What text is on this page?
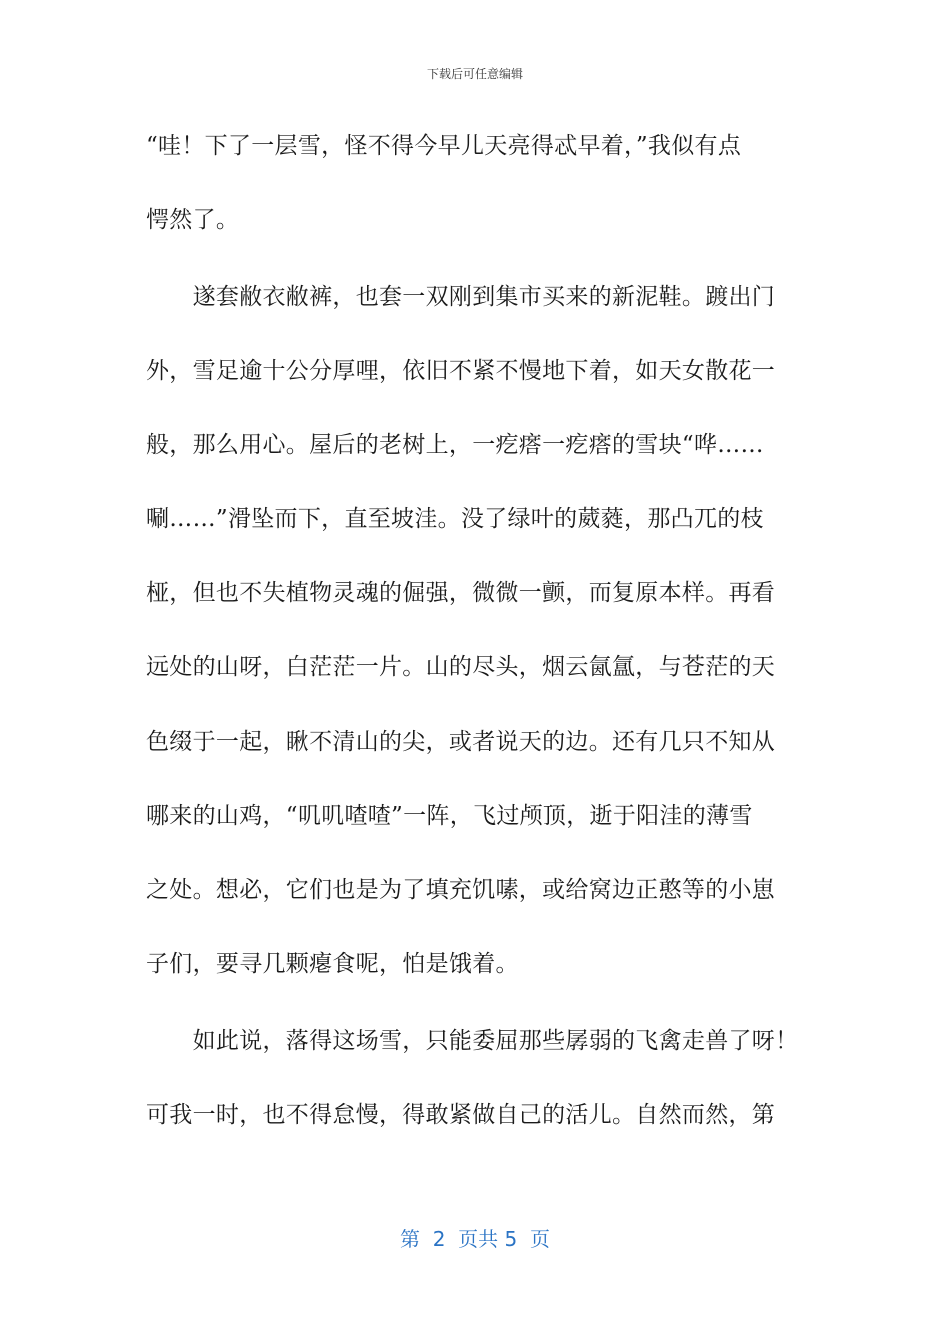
下载后可任意编辑
“哇！下了一层雪，怪不得今早儿天亮得忒早着，”我似有点
愕然了。
　　遂套敝衣敝裤，也套一双刚到集市买来的新泥鞋。踱出门
外，雪足逾十公分厚哩，依旧不紧不慢地下着，如天女散花一
般，那么用心。屋后的老树上，一疙瘩一疙瘩的雪块“哗……
唰……”滑坠而下，直至坡洼。没了绿叶的葳蕤，那凸兀的枝
桠，但也不失植物灵魂的倔强，微微一颤，而复原本样。再看
远处的山呀，白茫茫一片。山的尽头，烟云氤氲，与苍茫的天
色缀于一起，瞅不清山的尖，或者说天的边。还有几只不知从
哪来的山鸡，“叽叽喳喳”一阵，飞过颅顶，逝于阳洼的薄雪
之处。想必，它们也是为了填充饥嗉，或给窝边正憨等的小崽
子们，要寻几颗瘪食呢，怕是饿着。
　　如此说，落得这场雪，只能委屈那些孱弱的飞禽走兽了呀！
可我一时，也不得怠慢，得敢紧做自己的活儿。自然而然，第
第  2  页共 5  页
